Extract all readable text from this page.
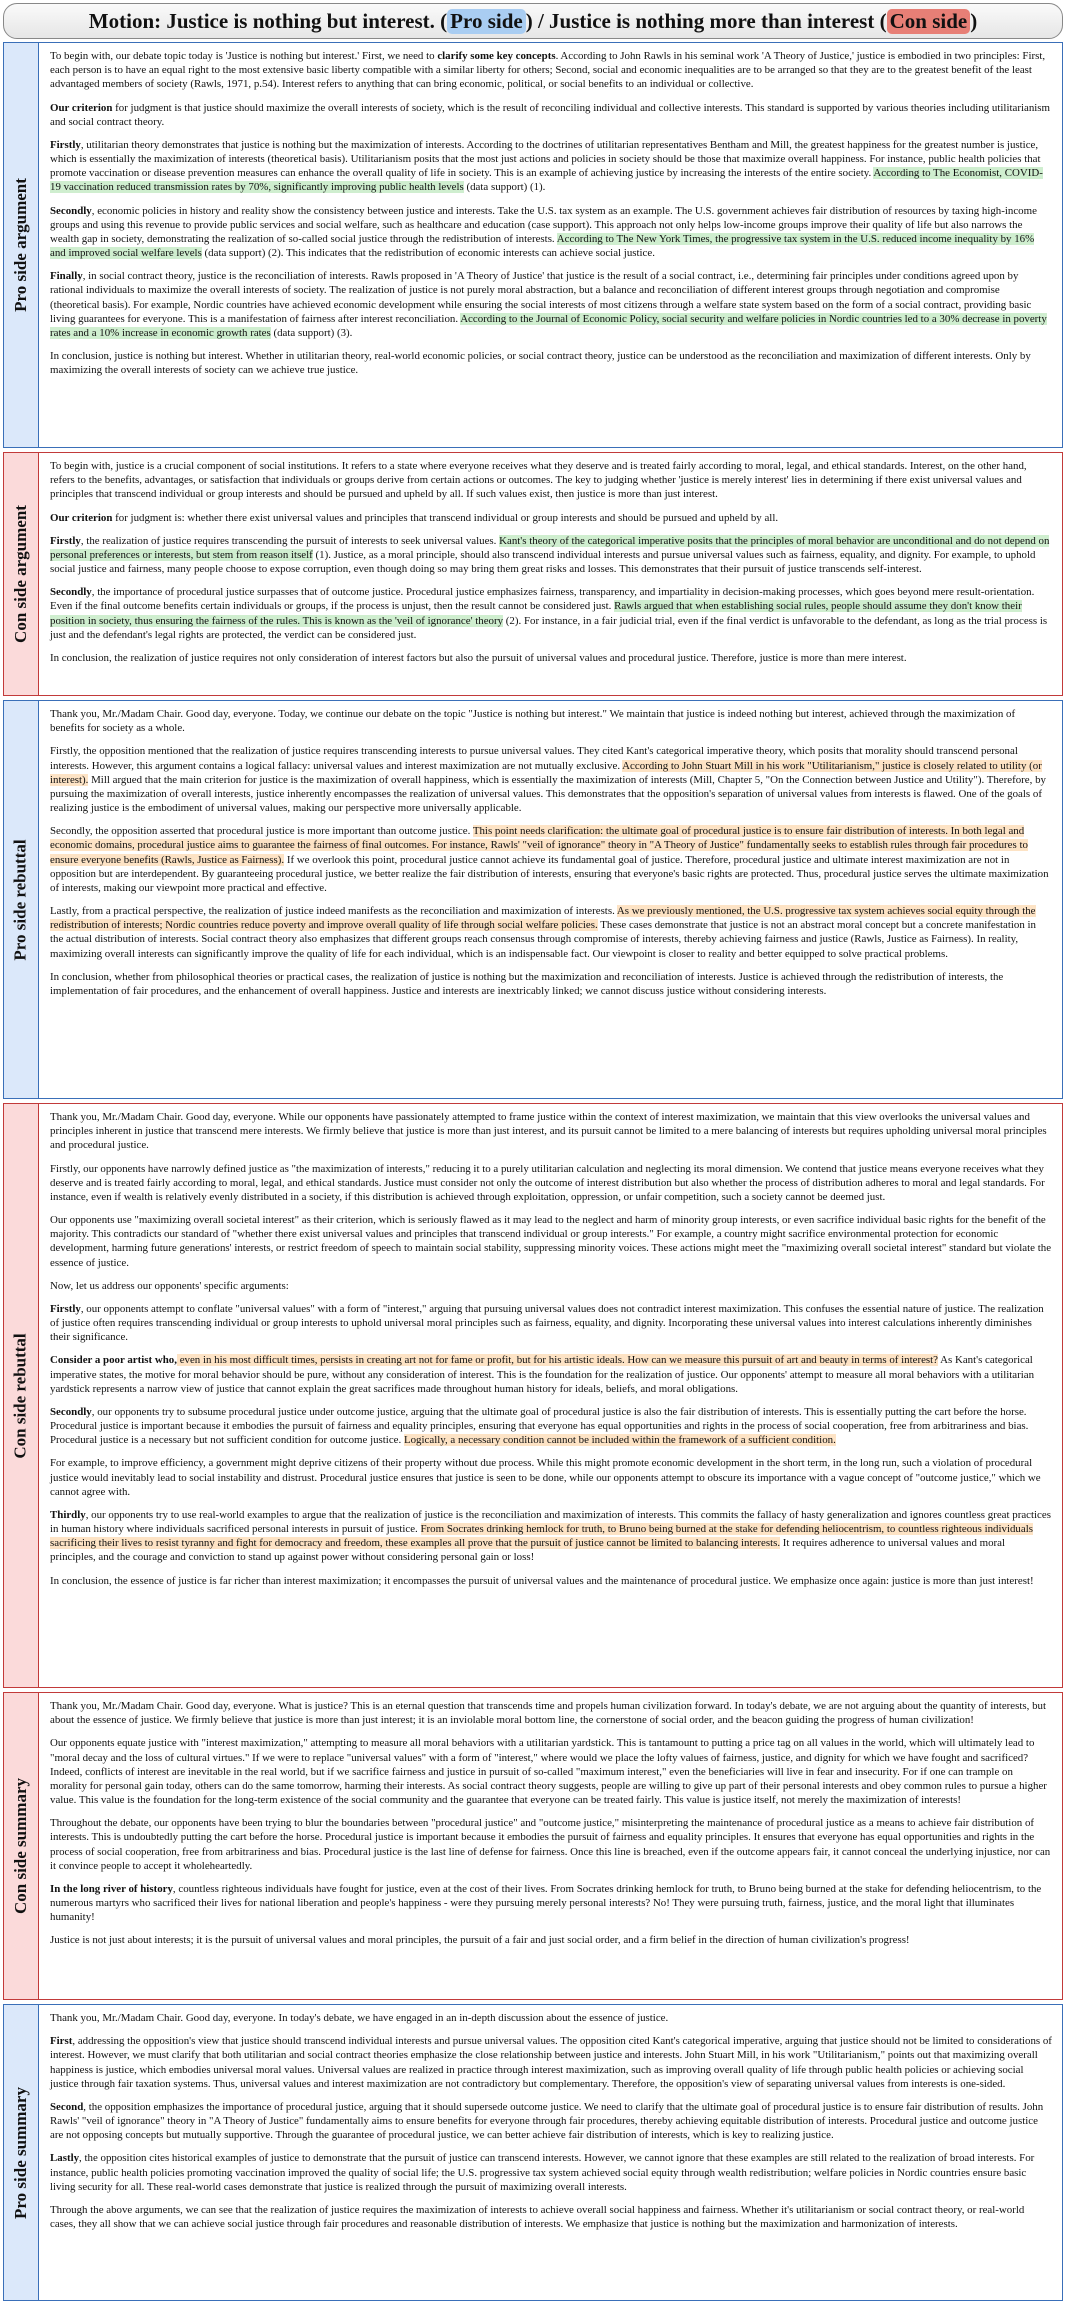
Motion: Justice is nothing but interest. ( Pro side ) / Justice is nothing more than interest ( Con side )
Pro side argument

To begin with, our debate topic today is 'Justice is nothing but interest.' First, we need to clarify some key concepts. According to John Rawls in his seminal work 'A Theory of Justice,' justice is embodied in two principles: First, each person is to have an equal right to the most extensive basic liberty compatible with a similar liberty for others; Second, social and economic inequalities are to be arranged so that they are to the greatest benefit of the least advantaged members of society (Rawls, 1971, p.54). Interest refers to anything that can bring economic, political, or social benefits to an individual or collective.

Our criterion for judgment is that justice should maximize the overall interests of society, which is the result of reconciling individual and collective interests. This standard is supported by various theories including utilitarianism and social contract theory.

Firstly, utilitarian theory demonstrates that justice is nothing but the maximization of interests. According to the doctrines of utilitarian representatives Bentham and Mill, the greatest happiness for the greatest number is justice, which is essentially the maximization of interests (theoretical basis). Utilitarianism posits that the most just actions and policies in society should be those that maximize overall happiness. For instance, public health policies that promote vaccination or disease prevention measures can enhance the overall quality of life in society. This is an example of achieving justice by increasing the interests of the entire society. According to The Economist, COVID-19 vaccination reduced transmission rates by 70%, significantly improving public health levels (data support) (1).

Secondly, economic policies in history and reality show the consistency between justice and interests. Take the U.S. tax system as an example. The U.S. government achieves fair distribution of resources by taxing high-income groups and using this revenue to provide public services and social welfare, such as healthcare and education (case support). This approach not only helps low-income groups improve their quality of life but also narrows the wealth gap in society, demonstrating the realization of so-called social justice through the redistribution of interests. According to The New York Times, the progressive tax system in the U.S. reduced income inequality by 16% and improved social welfare levels (data support) (2). This indicates that the redistribution of economic interests can achieve social justice.

Finally, in social contract theory, justice is the reconciliation of interests. Rawls proposed in 'A Theory of Justice' that justice is the result of a social contract, i.e., determining fair principles under conditions agreed upon by rational individuals to maximize the overall interests of society. The realization of justice is not purely moral abstraction, but a balance and reconciliation of different interest groups through negotiation and compromise (theoretical basis). For example, Nordic countries have achieved economic development while ensuring the social interests of most citizens through a welfare state system based on the form of a social contract, providing basic living guarantees for everyone. This is a manifestation of fairness after interest reconciliation. According to the Journal of Economic Policy, social security and welfare policies in Nordic countries led to a 30% decrease in poverty rates and a 10% increase in economic growth rates (data support) (3).

In conclusion, justice is nothing but interest. Whether in utilitarian theory, real-world economic policies, or social contract theory, justice can be understood as the reconciliation and maximization of different interests. Only by maximizing the overall interests of society can we achieve true justice.

Con side argument

To begin with, justice is a crucial component of social institutions. It refers to a state where everyone receives what they deserve and is treated fairly according to moral, legal, and ethical standards. Interest, on the other hand, refers to the benefits, advantages, or satisfaction that individuals or groups derive from certain actions or outcomes. The key to judging whether 'justice is merely interest' lies in determining if there exist universal values and principles that transcend individual or group interests and should be pursued and upheld by all. If such values exist, then justice is more than just interest.

Our criterion for judgment is: whether there exist universal values and principles that transcend individual or group interests and should be pursued and upheld by all.

Firstly, the realization of justice requires transcending the pursuit of interests to seek universal values. Kant's theory of the categorical imperative posits that the principles of moral behavior are unconditional and do not depend on personal preferences or interests, but stem from reason itself (1). Justice, as a moral principle, should also transcend individual interests and pursue universal values such as fairness, equality, and dignity. For example, to uphold social justice and fairness, many people choose to expose corruption, even though doing so may bring them great risks and losses. This demonstrates that their pursuit of justice transcends self-interest.

Secondly, the importance of procedural justice surpasses that of outcome justice. Procedural justice emphasizes fairness, transparency, and impartiality in decision-making processes, which goes beyond mere result-orientation. Even if the final outcome benefits certain individuals or groups, if the process is unjust, then the result cannot be considered just. Rawls argued that when establishing social rules, people should assume they don't know their position in society, thus ensuring the fairness of the rules. This is known as the 'veil of ignorance' theory (2). For instance, in a fair judicial trial, even if the final verdict is unfavorable to the defendant, as long as the trial process is just and the defendant's legal rights are protected, the verdict can be considered just.

In conclusion, the realization of justice requires not only consideration of interest factors but also the pursuit of universal values and procedural justice. Therefore, justice is more than mere interest.

Pro side rebuttal

Thank you, Mr./Madam Chair. Good day, everyone. Today, we continue our debate on the topic "Justice is nothing but interest." We maintain that justice is indeed nothing but interest, achieved through the maximization of benefits for society as a whole.

Firstly, the opposition mentioned that the realization of justice requires transcending interests to pursue universal values. They cited Kant's categorical imperative theory, which posits that morality should transcend personal interests. However, this argument contains a logical fallacy: universal values and interest maximization are not mutually exclusive. According to John Stuart Mill in his work "Utilitarianism," justice is closely related to utility (or interest). Mill argued that the main criterion for justice is the maximization of overall happiness, which is essentially the maximization of interests (Mill, Chapter 5, "On the Connection between Justice and Utility"). Therefore, by pursuing the maximization of overall interests, justice inherently encompasses the realization of universal values. This demonstrates that the opposition's separation of universal values from interests is flawed. One of the goals of realizing justice is the embodiment of universal values, making our perspective more universally applicable.

Secondly, the opposition asserted that procedural justice is more important than outcome justice. This point needs clarification: the ultimate goal of procedural justice is to ensure fair distribution of interests. In both legal and economic domains, procedural justice aims to guarantee the fairness of final outcomes. For instance, Rawls' "veil of ignorance" theory in "A Theory of Justice" fundamentally seeks to establish rules through fair procedures to ensure everyone benefits (Rawls, Justice as Fairness). If we overlook this point, procedural justice cannot achieve its fundamental goal of justice. Therefore, procedural justice and ultimate interest maximization are not in opposition but are interdependent. By guaranteeing procedural justice, we better realize the fair distribution of interests, ensuring that everyone's basic rights are protected. Thus, procedural justice serves the ultimate maximization of interests, making our viewpoint more practical and effective.

Lastly, from a practical perspective, the realization of justice indeed manifests as the reconciliation and maximization of interests. As we previously mentioned, the U.S. progressive tax system achieves social equity through the redistribution of interests; Nordic countries reduce poverty and improve overall quality of life through social welfare policies. These cases demonstrate that justice is not an abstract moral concept but a concrete manifestation in the actual distribution of interests. Social contract theory also emphasizes that different groups reach consensus through compromise of interests, thereby achieving fairness and justice (Rawls, Justice as Fairness). In reality, maximizing overall interests can significantly improve the quality of life for each individual, which is an indispensable fact. Our viewpoint is closer to reality and better equipped to solve practical problems.

In conclusion, whether from philosophical theories or practical cases, the realization of justice is nothing but the maximization and reconciliation of interests. Justice is achieved through the redistribution of interests, the implementation of fair procedures, and the enhancement of overall happiness. Justice and interests are inextricably linked; we cannot discuss justice without considering interests.

Con side rebuttal

Thank you, Mr./Madam Chair. Good day, everyone. While our opponents have passionately attempted to frame justice within the context of interest maximization, we maintain that this view overlooks the universal values and principles inherent in justice that transcend mere interests. We firmly believe that justice is more than just interest, and its pursuit cannot be limited to a mere balancing of interests but requires upholding universal moral principles and procedural justice.

Firstly, our opponents have narrowly defined justice as "the maximization of interests," reducing it to a purely utilitarian calculation and neglecting its moral dimension. We contend that justice means everyone receives what they deserve and is treated fairly according to moral, legal, and ethical standards. Justice must consider not only the outcome of interest distribution but also whether the process of distribution adheres to moral and legal standards. For instance, even if wealth is relatively evenly distributed in a society, if this distribution is achieved through exploitation, oppression, or unfair competition, such a society cannot be deemed just.

Our opponents use "maximizing overall societal interest" as their criterion, which is seriously flawed as it may lead to the neglect and harm of minority group interests, or even sacrifice individual basic rights for the benefit of the majority. This contradicts our standard of "whether there exist universal values and principles that transcend individual or group interests." For example, a country might sacrifice environmental protection for economic development, harming future generations' interests, or restrict freedom of speech to maintain social stability, suppressing minority voices. These actions might meet the "maximizing overall societal interest" standard but violate the essence of justice.

Now, let us address our opponents' specific arguments:

Firstly, our opponents attempt to conflate "universal values" with a form of "interest," arguing that pursuing universal values does not contradict interest maximization. This confuses the essential nature of justice. The realization of justice often requires transcending individual or group interests to uphold universal moral principles such as fairness, equality, and dignity. Incorporating these universal values into interest calculations inherently diminishes their significance.

Consider a poor artist who, even in his most difficult times, persists in creating art not for fame or profit, but for his artistic ideals. How can we measure this pursuit of art and beauty in terms of interest? As Kant's categorical imperative states, the motive for moral behavior should be pure, without any consideration of interest. This is the foundation for the realization of justice. Our opponents' attempt to measure all moral behaviors with a utilitarian yardstick represents a narrow view of justice that cannot explain the great sacrifices made throughout human history for ideals, beliefs, and moral obligations.

Secondly, our opponents try to subsume procedural justice under outcome justice, arguing that the ultimate goal of procedural justice is also the fair distribution of interests. This is essentially putting the cart before the horse. Procedural justice is important because it embodies the pursuit of fairness and equality principles, ensuring that everyone has equal opportunities and rights in the process of social cooperation, free from arbitrariness and bias. Procedural justice is a necessary but not sufficient condition for outcome justice. Logically, a necessary condition cannot be included within the framework of a sufficient condition.

For example, to improve efficiency, a government might deprive citizens of their property without due process. While this might promote economic development in the short term, in the long run, such a violation of procedural justice would inevitably lead to social instability and distrust. Procedural justice ensures that justice is seen to be done, while our opponents attempt to obscure its importance with a vague concept of "outcome justice," which we cannot agree with.

Thirdly, our opponents try to use real-world examples to argue that the realization of justice is the reconciliation and maximization of interests. This commits the fallacy of hasty generalization and ignores countless great practices in human history where individuals sacrificed personal interests in pursuit of justice. From Socrates drinking hemlock for truth, to Bruno being burned at the stake for defending heliocentrism, to countless righteous individuals sacrificing their lives to resist tyranny and fight for democracy and freedom, these examples all prove that the pursuit of justice cannot be limited to balancing interests. It requires adherence to universal values and moral principles, and the courage and conviction to stand up against power without considering personal gain or loss!

In conclusion, the essence of justice is far richer than interest maximization; it encompasses the pursuit of universal values and the maintenance of procedural justice. We emphasize once again: justice is more than just interest!

Con side summary

Thank you, Mr./Madam Chair. Good day, everyone. What is justice? This is an eternal question that transcends time and propels human civilization forward. In today's debate, we are not arguing about the quantity of interests, but about the essence of justice. We firmly believe that justice is more than just interest; it is an inviolable moral bottom line, the cornerstone of social order, and the beacon guiding the progress of human civilization!

Our opponents equate justice with "interest maximization," attempting to measure all moral behaviors with a utilitarian yardstick. This is tantamount to putting a price tag on all values in the world, which will ultimately lead to "moral decay and the loss of cultural virtues." If we were to replace "universal values" with a form of "interest," where would we place the lofty values of fairness, justice, and dignity for which we have fought and sacrificed? Indeed, conflicts of interest are inevitable in the real world, but if we sacrifice fairness and justice in pursuit of so-called "maximum interest," even the beneficiaries will live in fear and insecurity. For if one can trample on morality for personal gain today, others can do the same tomorrow, harming their interests. As social contract theory suggests, people are willing to give up part of their personal interests and obey common rules to pursue a higher value. This value is the foundation for the long-term existence of the social community and the guarantee that everyone can be treated fairly. This value is justice itself, not merely the maximization of interests!

Throughout the debate, our opponents have been trying to blur the boundaries between "procedural justice" and "outcome justice," misinterpreting the maintenance of procedural justice as a means to achieve fair distribution of interests. This is undoubtedly putting the cart before the horse. Procedural justice is important because it embodies the pursuit of fairness and equality principles. It ensures that everyone has equal opportunities and rights in the process of social cooperation, free from arbitrariness and bias. Procedural justice is the last line of defense for fairness. Once this line is breached, even if the outcome appears fair, it cannot conceal the underlying injustice, nor can it convince people to accept it wholeheartedly.

In the long river of history, countless righteous individuals have fought for justice, even at the cost of their lives. From Socrates drinking hemlock for truth, to Bruno being burned at the stake for defending heliocentrism, to the numerous martyrs who sacrificed their lives for national liberation and people's happiness - were they pursuing merely personal interests? No! They were pursuing truth, fairness, justice, and the moral light that illuminates humanity!

Justice is not just about interests; it is the pursuit of universal values and moral principles, the pursuit of a fair and just social order, and a firm belief in the direction of human civilization's progress!

Pro side summary

Thank you, Mr./Madam Chair. Good day, everyone. In today's debate, we have engaged in an in-depth discussion about the essence of justice.

First, addressing the opposition's view that justice should transcend individual interests and pursue universal values. The opposition cited Kant's categorical imperative, arguing that justice should not be limited to considerations of interest. However, we must clarify that both utilitarian and social contract theories emphasize the close relationship between justice and interests. John Stuart Mill, in his work "Utilitarianism," points out that maximizing overall happiness is justice, which embodies universal moral values. Universal values are realized in practice through interest maximization, such as improving overall quality of life through public health policies or achieving social justice through fair taxation systems. Thus, universal values and interest maximization are not contradictory but complementary. Therefore, the opposition's view of separating universal values from interests is one-sided.

Second, the opposition emphasizes the importance of procedural justice, arguing that it should supersede outcome justice. We need to clarify that the ultimate goal of procedural justice is to ensure fair distribution of results. John Rawls' "veil of ignorance" theory in "A Theory of Justice" fundamentally aims to ensure benefits for everyone through fair procedures, thereby achieving equitable distribution of interests. Procedural justice and outcome justice are not opposing concepts but mutually supportive. Through the guarantee of procedural justice, we can better achieve fair distribution of interests, which is key to realizing justice.

Lastly, the opposition cites historical examples of justice to demonstrate that the pursuit of justice can transcend interests. However, we cannot ignore that these examples are still related to the realization of broad interests. For instance, public health policies promoting vaccination improved the quality of social life; the U.S. progressive tax system achieved social equity through wealth redistribution; welfare policies in Nordic countries ensure basic living security for all. These real-world cases demonstrate that justice is realized through the pursuit of maximizing overall interests.

Through the above arguments, we can see that the realization of justice requires the maximization of interests to achieve overall social happiness and fairness. Whether it's utilitarianism or social contract theory, or real-world cases, they all show that we can achieve social justice through fair procedures and reasonable distribution of interests. We emphasize that justice is nothing but the maximization and harmonization of interests.
